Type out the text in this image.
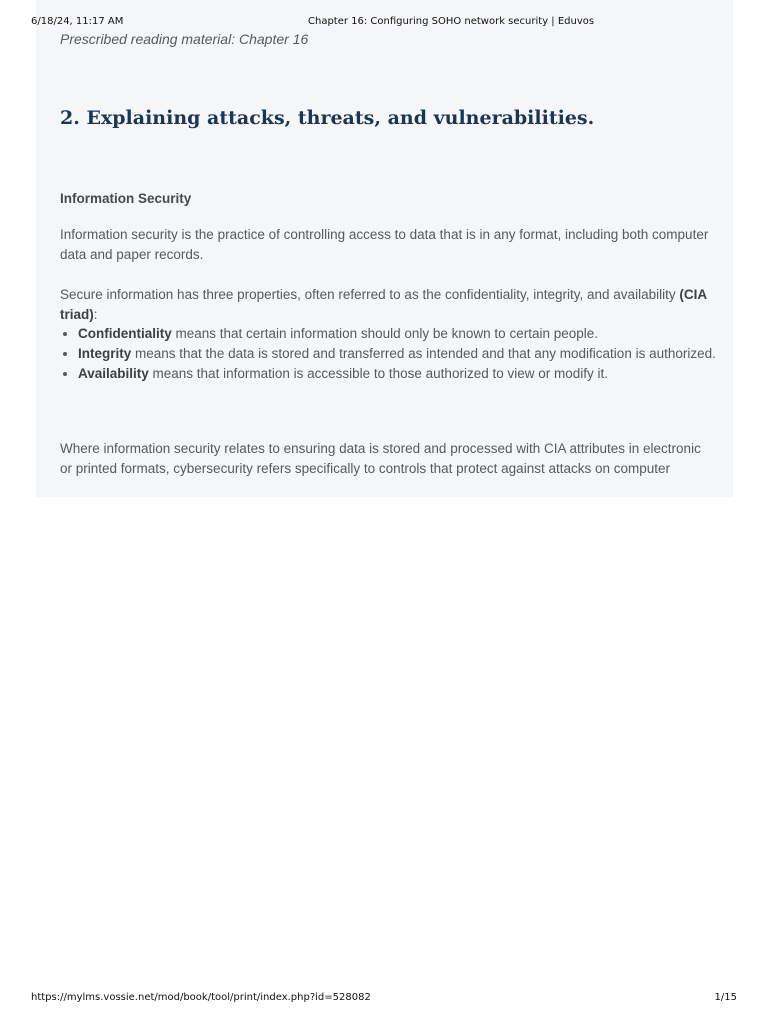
6/18/24, 11:17 AM	Chapter 16: Configuring SOHO network security | Eduvos
Prescribed reading material: Chapter 16
2. Explaining attacks, threats, and vulnerabilities.
Information Security

Information security is the practice of controlling access to data that is in any format, including both computer data and paper records.

Secure information has three properties, often referred to as the confidentiality, integrity, and availability (CIA triad):

• Confidentiality means that certain information should only be known to certain people.
• Integrity means that the data is stored and transferred as intended and that any modification is authorized.
• Availability means that information is accessible to those authorized to view or modify it.

Where information security relates to ensuring data is stored and processed with CIA attributes in electronic or printed formats, cybersecurity refers specifically to controls that protect against attacks on computer

https://mylms.vossie.net/mod/book/tool/print/index.php?id=528082	1/15
